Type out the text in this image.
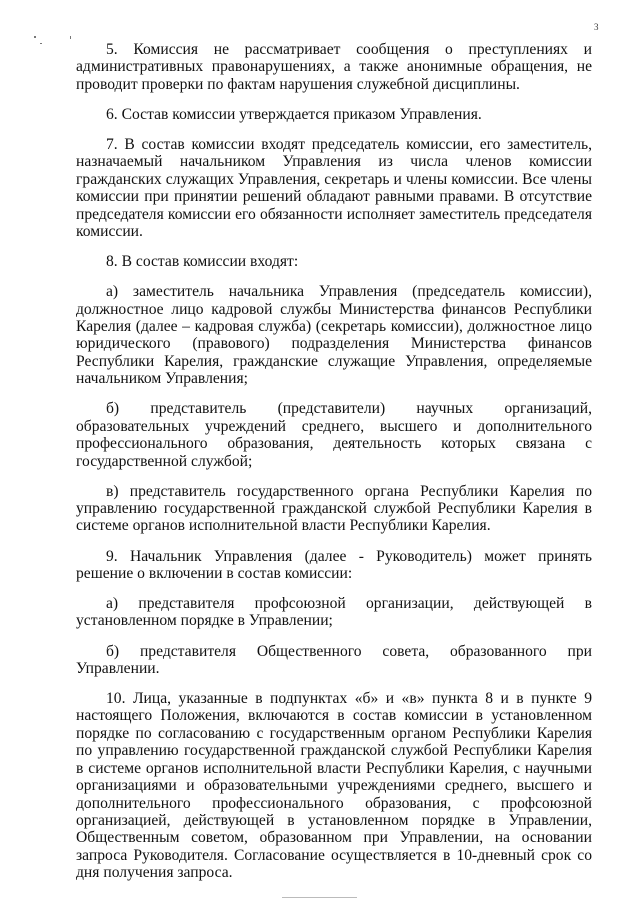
3

5. Комиссия не рассматривает сообщения о преступлениях и административных правонарушениях, а также анонимные обращения, не проводит проверки по фактам нарушения служебной дисциплины.

6. Состав комиссии утверждается приказом Управления.

7. В состав комиссии входят председатель комиссии, его заместитель, назначаемый начальником Управления из числа членов комиссии гражданских служащих Управления, секретарь и члены комиссии. Все члены комиссии при принятии решений обладают равными правами. В отсутствие председателя комиссии его обязанности исполняет заместитель председателя комиссии.

8. В состав комиссии входят:

а) заместитель начальника Управления (председатель комиссии), должностное лицо кадровой службы Министерства финансов Республики Карелия (далее – кадровая служба) (секретарь комиссии), должностное лицо юридического (правового) подразделения Министерства финансов Республики Карелия, гражданские служащие Управления, определяемые начальником Управления;

б) представитель (представители) научных организаций, образовательных учреждений среднего, высшего и дополнительного профессионального образования, деятельность которых связана с государственной службой;

в) представитель государственного органа Республики Карелия по управлению государственной гражданской службой Республики Карелия в системе органов исполнительной власти Республики Карелия.

9. Начальник Управления (далее - Руководитель) может принять решение о включении в состав комиссии:

а) представителя профсоюзной организации, действующей в установленном порядке в Управлении;

б) представителя Общественного совета, образованного при Управлении.

10. Лица, указанные в подпунктах «б» и «в» пункта 8 и в пункте 9 настоящего Положения, включаются в состав комиссии в установленном порядке по согласованию с государственным органом Республики Карелия по управлению государственной гражданской службой Республики Карелия в системе органов исполнительной власти Республики Карелия, с научными организациями и образовательными учреждениями среднего, высшего и дополнительного профессионального образования, с профсоюзной организацией, действующей в установленном порядке в Управлении, Общественным советом, образованном при Управлении, на основании запроса Руководителя. Согласование осуществляется в 10-дневный срок со дня получения запроса.
